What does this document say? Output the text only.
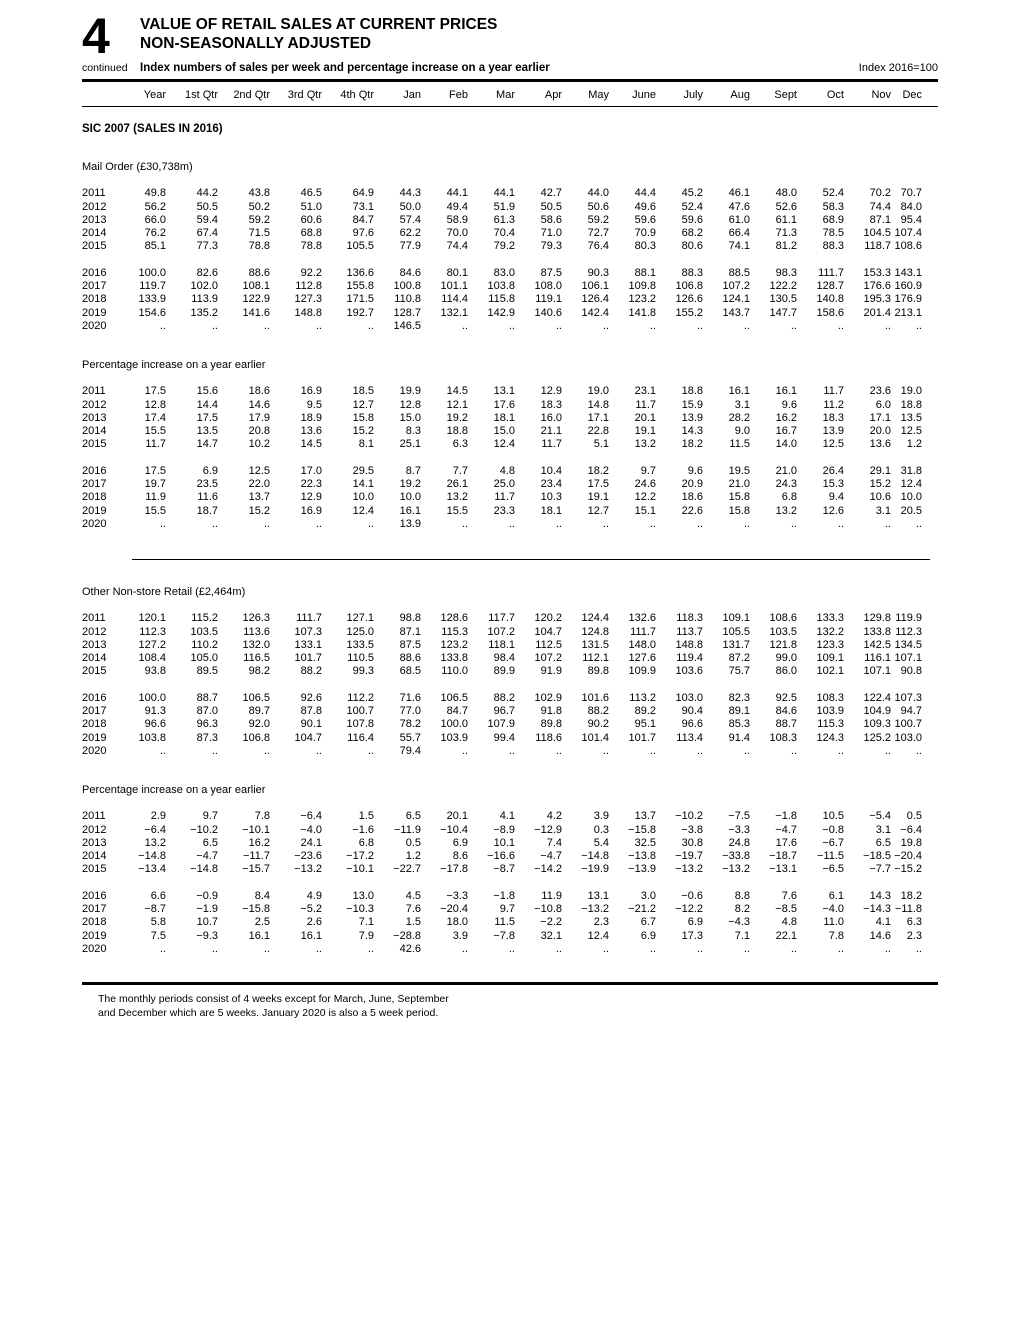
4	VALUE OF RETAIL SALES AT CURRENT PRICES
NON-SEASONALLY ADJUSTED
continued	Index numbers of sales per week and percentage increase on a year earlier	Index 2016=100
	Year	1st Qtr	2nd Qtr	3rd Qtr	4th Qtr	Jan	Feb	Mar	Apr	May	June	July	Aug	Sept	Oct	Nov	Dec
SIC 2007 (SALES IN 2016)
Mail Order (£30,738m)
2011	49.8	44.2	43.8	46.5	64.9	44.3	44.1	44.1	42.7	44.0	44.4	45.2	46.1	48.0	52.4	70.2	70.7
2012	56.2	50.5	50.2	51.0	73.1	50.0	49.4	51.9	50.5	50.6	49.6	52.4	47.6	52.6	58.3	74.4	84.0
2013	66.0	59.4	59.2	60.6	84.7	57.4	58.9	61.3	58.6	59.2	59.6	59.6	61.0	61.1	68.9	87.1	95.4
2014	76.2	67.4	71.5	68.8	97.6	62.2	70.0	70.4	71.0	72.7	70.9	68.2	66.4	71.3	78.5	104.5	107.4
2015	85.1	77.3	78.8	78.8	105.5	77.9	74.4	79.2	79.3	76.4	80.3	80.6	74.1	81.2	88.3	118.7	108.6
2016	100.0	82.6	88.6	92.2	136.6	84.6	80.1	83.0	87.5	90.3	88.1	88.3	88.5	98.3	111.7	153.3	143.1
2017	119.7	102.0	108.1	112.8	155.8	100.8	101.1	103.8	108.0	106.1	109.8	106.8	107.2	122.2	128.7	176.6	160.9
2018	133.9	113.9	122.9	127.3	171.5	110.8	114.4	115.8	119.1	126.4	123.2	126.6	124.1	130.5	140.8	195.3	176.9
2019	154.6	135.2	141.6	148.8	192.7	128.7	132.1	142.9	140.6	142.4	141.8	155.2	143.7	147.7	158.6	201.4	213.1
2020	..	..	..	..	..	146.5	..	..	..	..	..	..	..	..	..	..	..
Percentage increase on a year earlier
2011	17.5	15.6	18.6	16.9	18.5	19.9	14.5	13.1	12.9	19.0	23.1	18.8	16.1	16.1	11.7	23.6	19.0
2012	12.8	14.4	14.6	9.5	12.7	12.8	12.1	17.6	18.3	14.8	11.7	15.9	3.1	9.6	11.2	6.0	18.8
2013	17.4	17.5	17.9	18.9	15.8	15.0	19.2	18.1	16.0	17.1	20.1	13.9	28.2	16.2	18.3	17.1	13.5
2014	15.5	13.5	20.8	13.6	15.2	8.3	18.8	15.0	21.1	22.8	19.1	14.3	9.0	16.7	13.9	20.0	12.5
2015	11.7	14.7	10.2	14.5	8.1	25.1	6.3	12.4	11.7	5.1	13.2	18.2	11.5	14.0	12.5	13.6	1.2
2016	17.5	6.9	12.5	17.0	29.5	8.7	7.7	4.8	10.4	18.2	9.7	9.6	19.5	21.0	26.4	29.1	31.8
2017	19.7	23.5	22.0	22.3	14.1	19.2	26.1	25.0	23.4	17.5	24.6	20.9	21.0	24.3	15.3	15.2	12.4
2018	11.9	11.6	13.7	12.9	10.0	10.0	13.2	11.7	10.3	19.1	12.2	18.6	15.8	6.8	9.4	10.6	10.0
2019	15.5	18.7	15.2	16.9	12.4	16.1	15.5	23.3	18.1	12.7	15.1	22.6	15.8	13.2	12.6	3.1	20.5
2020	..	..	..	..	..	13.9	..	..	..	..	..	..	..	..	..	..	..
Other Non-store Retail (£2,464m)
2011	120.1	115.2	126.3	111.7	127.1	98.8	128.6	117.7	120.2	124.4	132.6	118.3	109.1	108.6	133.3	129.8	119.9
2012	112.3	103.5	113.6	107.3	125.0	87.1	115.3	107.2	104.7	124.8	111.7	113.7	105.5	103.5	132.2	133.8	112.3
2013	127.2	110.2	132.0	133.1	133.5	87.5	123.2	118.1	112.5	131.5	148.0	148.8	131.7	121.8	123.3	142.5	134.5
2014	108.4	105.0	116.5	101.7	110.5	88.6	133.8	98.4	107.2	112.1	127.6	119.4	87.2	99.0	109.1	116.1	107.1
2015	93.8	89.5	98.2	88.2	99.3	68.5	110.0	89.9	91.9	89.8	109.9	103.6	75.7	86.0	102.1	107.1	90.8
2016	100.0	88.7	106.5	92.6	112.2	71.6	106.5	88.2	102.9	101.6	113.2	103.0	82.3	92.5	108.3	122.4	107.3
2017	91.3	87.0	89.7	87.8	100.7	77.0	84.7	96.7	91.8	88.2	89.2	90.4	89.1	84.6	103.9	104.9	94.7
2018	96.6	96.3	92.0	90.1	107.8	78.2	100.0	107.9	89.8	90.2	95.1	96.6	85.3	88.7	115.3	109.3	100.7
2019	103.8	87.3	106.8	104.7	116.4	55.7	103.9	99.4	118.6	101.4	101.7	113.4	91.4	108.3	124.3	125.2	103.0
2020	..	..	..	..	..	79.4	..	..	..	..	..	..	..	..	..	..	..
Percentage increase on a year earlier
2011	2.9	9.7	7.8	−6.4	1.5	6.5	20.1	4.1	4.2	3.9	13.7	−10.2	−7.5	−1.8	10.5	−5.4	0.5
2012	−6.4	−10.2	−10.1	−4.0	−1.6	−11.9	−10.4	−8.9	−12.9	0.3	−15.8	−3.8	−3.3	−4.7	−0.8	3.1	−6.4
2013	13.2	6.5	16.2	24.1	6.8	0.5	6.9	10.1	7.4	5.4	32.5	30.8	24.8	17.6	−6.7	6.5	19.8
2014	−14.8	−4.7	−11.7	−23.6	−17.2	1.2	8.6	−16.6	−4.7	−14.8	−13.8	−19.7	−33.8	−18.7	−11.5	−18.5	−20.4
2015	−13.4	−14.8	−15.7	−13.2	−10.1	−22.7	−17.8	−8.7	−14.2	−19.9	−13.9	−13.2	−13.2	−13.1	−6.5	−7.7	−15.2
2016	6.6	−0.9	8.4	4.9	13.0	4.5	−3.3	−1.8	11.9	13.1	3.0	−0.6	8.8	7.6	6.1	14.3	18.2
2017	−8.7	−1.9	−15.8	−5.2	−10.3	7.6	−20.4	9.7	−10.8	−13.2	−21.2	−12.2	8.2	−8.5	−4.0	−14.3	−11.8
2018	5.8	10.7	2.5	2.6	7.1	1.5	18.0	11.5	−2.2	2.3	6.7	6.9	−4.3	4.8	11.0	4.1	6.3
2019	7.5	−9.3	16.1	16.1	7.9	−28.8	3.9	−7.8	32.1	12.4	6.9	17.3	7.1	22.1	7.8	14.6	2.3
2020	..	..	..	..	..	42.6	..	..	..	..	..	..	..	..	..	..	..
The monthly periods consist of 4 weeks except for March, June, September
and December which are 5 weeks. January 2020 is also a 5 week period.
